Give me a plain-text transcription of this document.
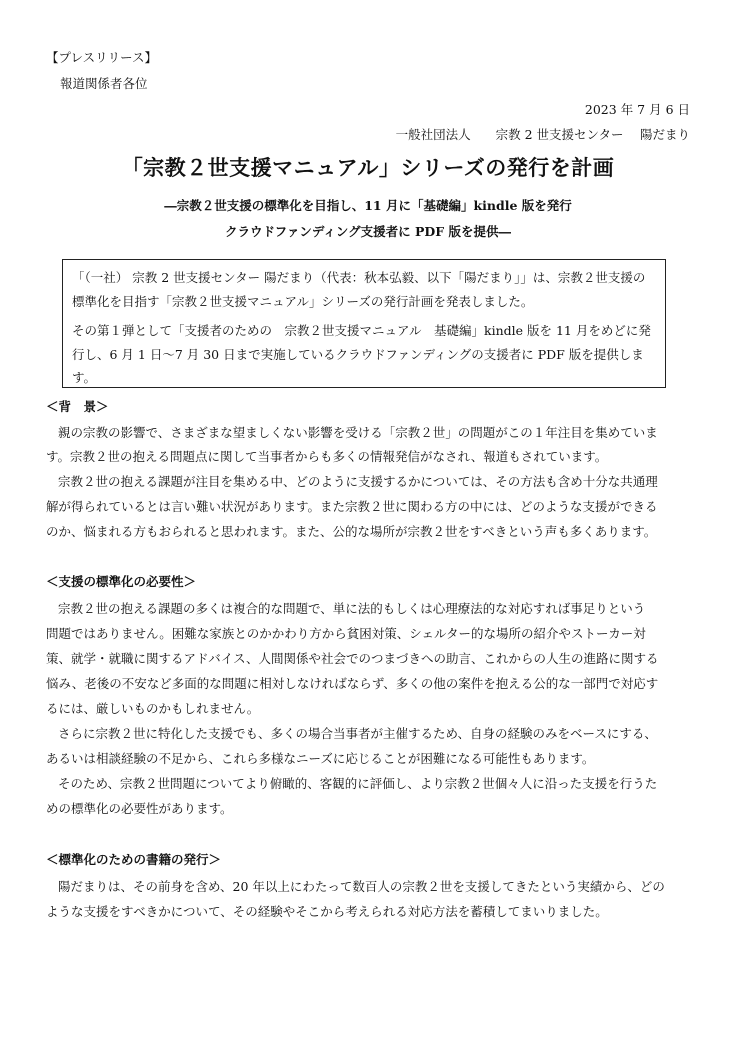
【プレスリリース】
報道関係者各位
2023 年 7 月 6 日
一般社団法人　　宗教 2 世支援センター　 陽だまり
「宗教２世支援マニュアル」シリーズの発行を計画
―宗教２世支援の標準化を目指し、11 月に「基礎編」kindle 版を発行
クラウドファンディング支援者に PDF 版を提供―
「（一社） 宗教 2 世支援センター 陽だまり（代表：秋本弘毅、以下「陽だまり」」は、宗教２世支援の
標準化を目指す「宗教２世支援マニュアル」シリーズの発行計画を発表しました。
その第１弾として「支援者のための　宗教２世支援マニュアル　基礎編」kindle 版を 11 月をめどに発
行し、6 月 1 日～7 月 30 日まで実施しているクラウドファンディングの支援者に PDF 版を提供しま
す。
＜背　景＞
親の宗教の影響で、さまざまな望ましくない影響を受ける「宗教２世」の問題がこの１年注目を集めていま
す。宗教２世の抱える問題点に関して当事者からも多くの情報発信がなされ、報道もされています。
宗教２世の抱える課題が注目を集める中、どのように支援するかについては、その方法も含め十分な共通理
解が得られているとは言い難い状況があります。また宗教２世に関わる方の中には、どのような支援ができる
のか、悩まれる方もおられると思われます。また、公的な場所が宗教２世をすべきという声も多くあります。
＜支援の標準化の必要性＞
宗教２世の抱える課題の多くは複合的な問題で、単に法的もしくは心理療法的な対応すれば事足りという
問題ではありません。困難な家族とのかかわり方から貧困対策、シェルター的な場所の紹介やストーカー対
策、就学・就職に関するアドバイス、人間関係や社会でのつまづきへの助言、これからの人生の進路に関する
悩み、老後の不安など多面的な問題に相対しなければならず、多くの他の案件を抱える公的な一部門で対応す
るには、厳しいものかもしれません。
さらに宗教２世に特化した支援でも、多くの場合当事者が主催するため、自身の経験のみをベースにする、
あるいは相談経験の不足から、これら多様なニーズに応じることが困難になる可能性もあります。
そのため、宗教２世問題についてより俯瞰的、客観的に評価し、より宗教２世個々人に沿った支援を行うた
めの標準化の必要性があります。
＜標準化のための書籍の発行＞
陽だまりは、その前身を含め、20 年以上にわたって数百人の宗教２世を支援してきたという実績から、どの
ような支援をすべきかについて、その経験やそこから考えられる対応方法を蓄積してまいりました。
